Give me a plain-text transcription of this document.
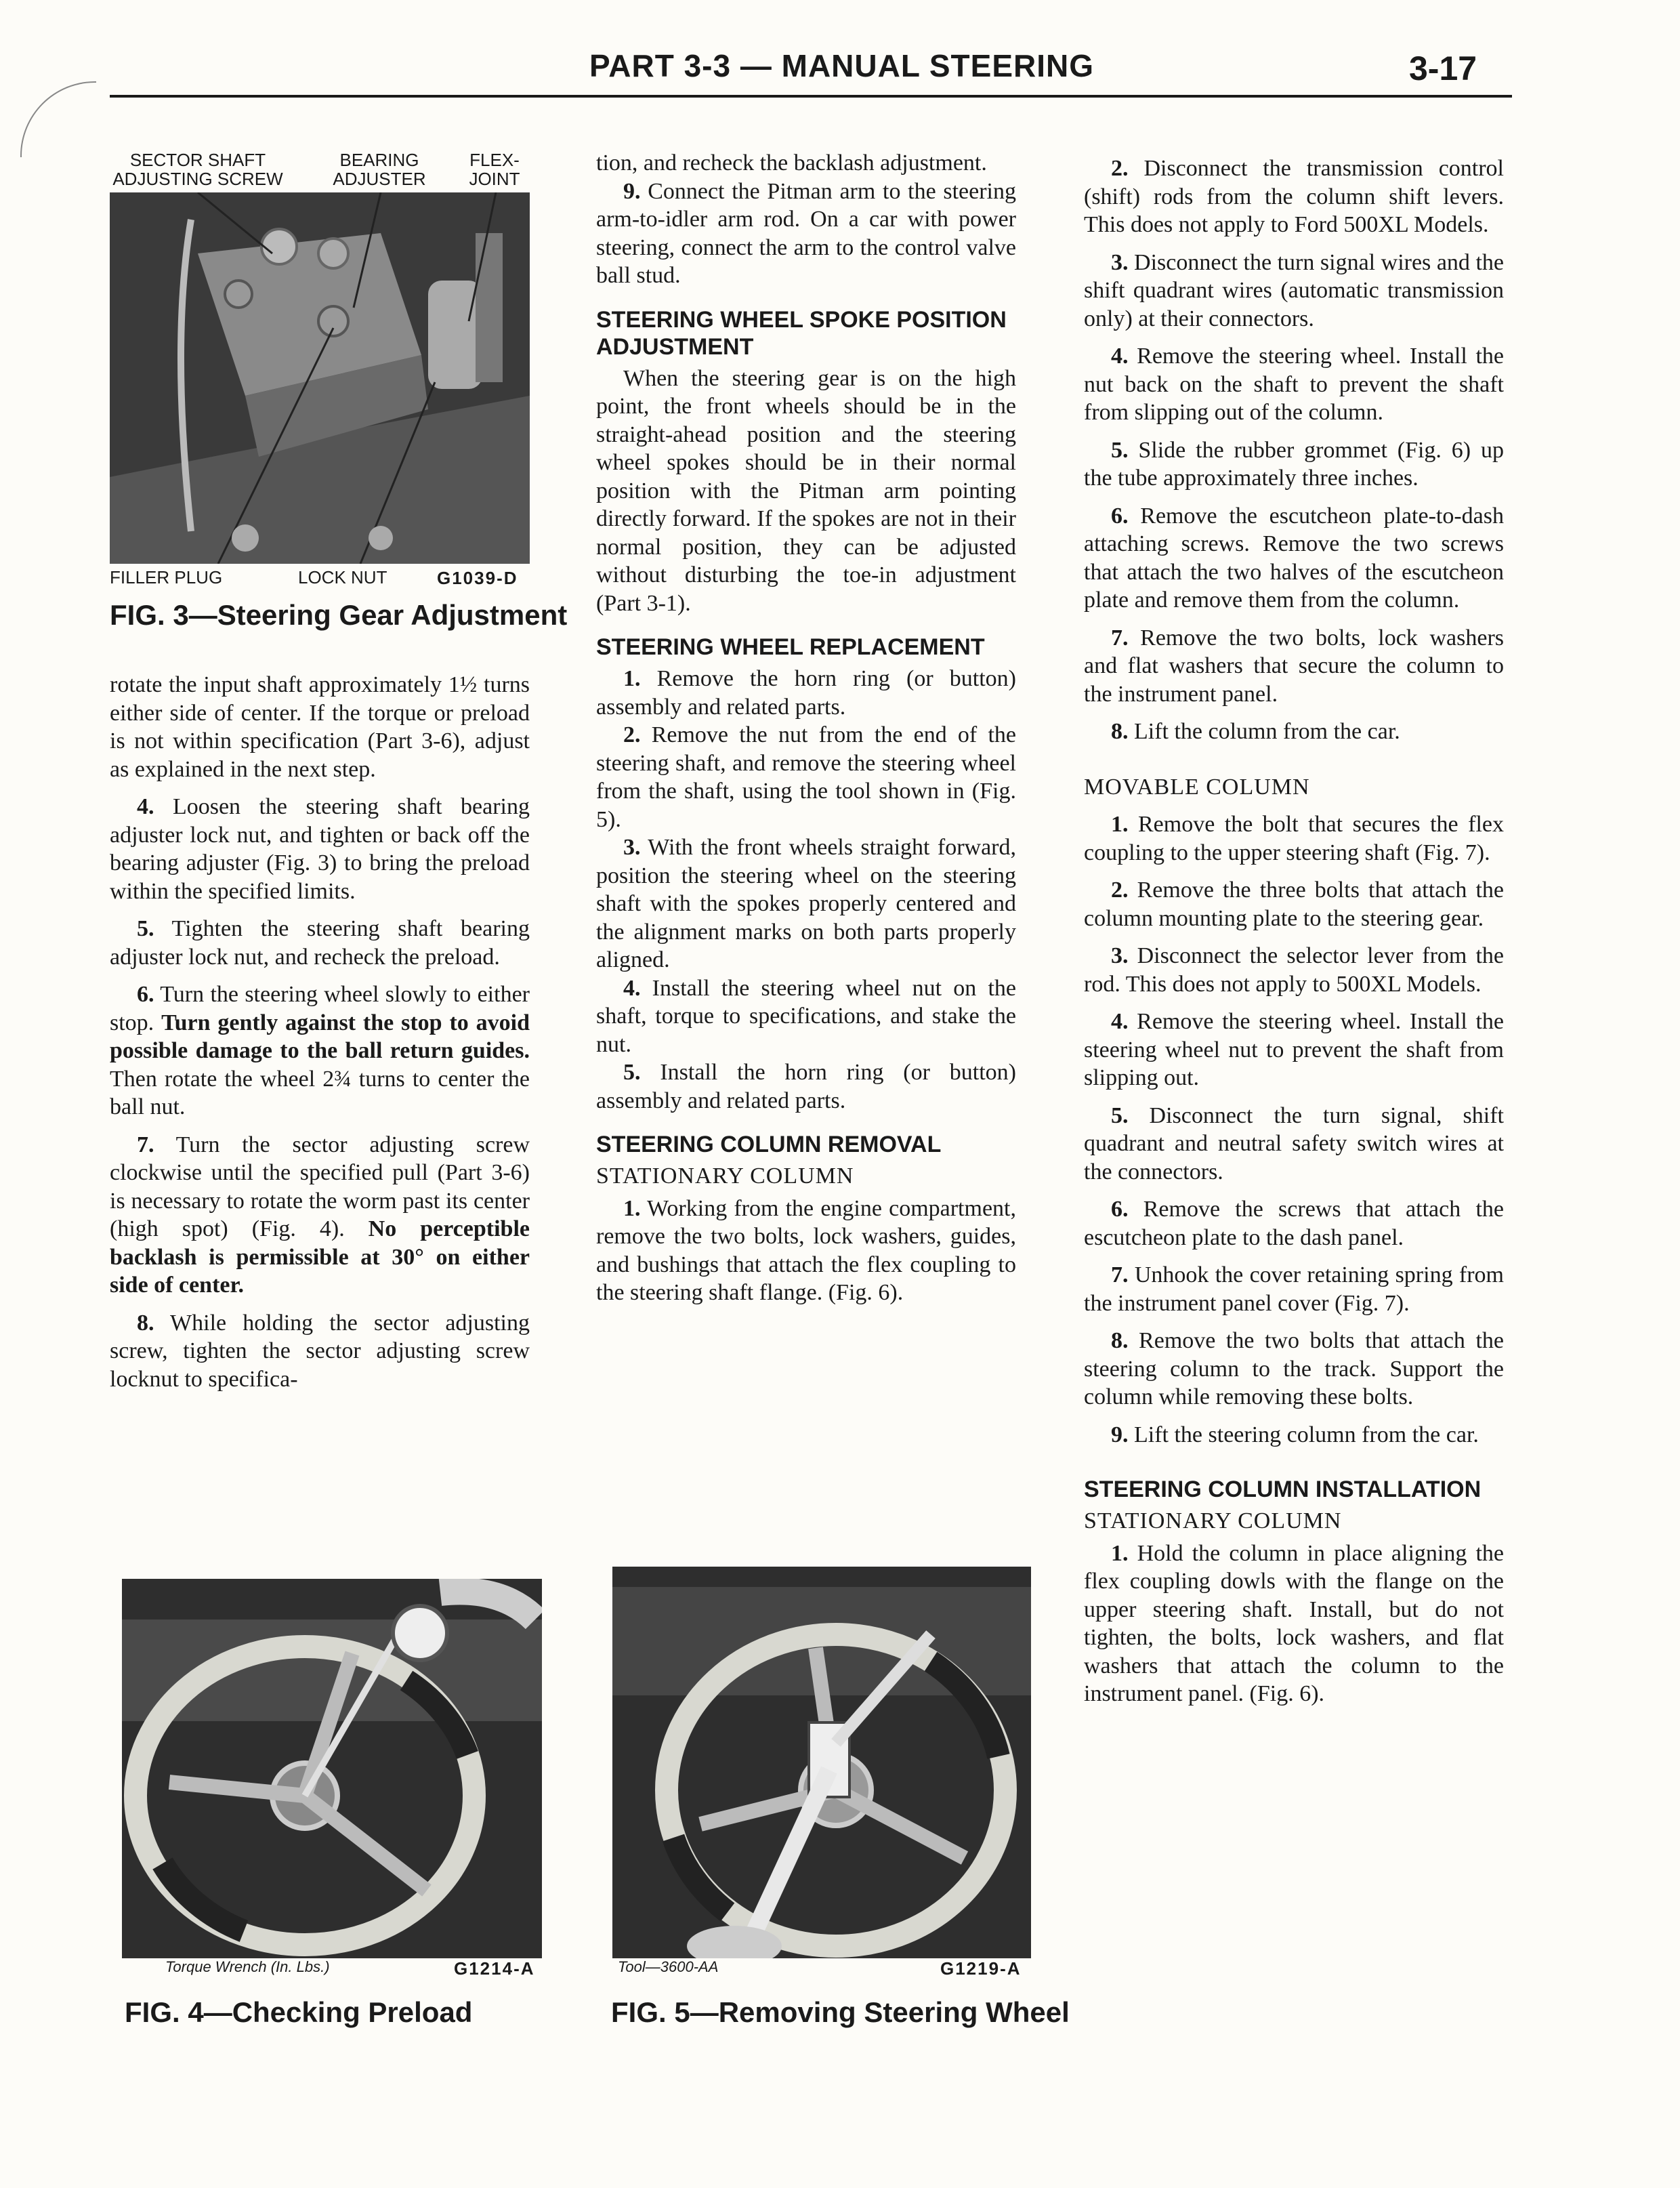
PART 3-3 — MANUAL STEERING	3-17
SECTOR SHAFT
ADJUSTING SCREW
BEARING
ADJUSTER
FLEX-
JOINT
FILLER PLUG	LOCK NUT	G1039-D
FIG. 3—Steering Gear Adjustment

rotate the input shaft approximately 1½ turns either side of center. If the torque or preload is not within specification (Part 3-6), adjust as explained in the next step.

4. Loosen the steering shaft bearing adjuster lock nut, and tighten or back off the bearing adjuster (Fig. 3) to bring the preload within the specified limits.

5. Tighten the steering shaft bearing adjuster lock nut, and recheck the preload.

6. Turn the steering wheel slowly to either stop. Turn gently against the stop to avoid possible damage to the ball return guides. Then rotate the wheel 2¾ turns to center the ball nut.

7. Turn the sector adjusting screw clockwise until the specified pull (Part 3-6) is necessary to rotate the worm past its center (high spot) (Fig. 4). No perceptible backlash is permissible at 30° on either side of center.

8. While holding the sector adjusting screw, tighten the sector adjusting screw locknut to specifica-

tion, and recheck the backlash adjustment.

9. Connect the Pitman arm to the steering arm-to-idler arm rod. On a car with power steering, connect the arm to the control valve ball stud.

STEERING WHEEL SPOKE POSITION ADJUSTMENT

When the steering gear is on the high point, the front wheels should be in the straight-ahead position and the steering wheel spokes should be in their normal position with the Pitman arm pointing directly forward. If the spokes are not in their normal position, they can be adjusted without disturbing the toe-in adjustment (Part 3-1).

STEERING WHEEL REPLACEMENT

1. Remove the horn ring (or button) assembly and related parts.

2. Remove the nut from the end of the steering shaft, and remove the steering wheel from the shaft, using the tool shown in (Fig. 5).

3. With the front wheels straight forward, position the steering wheel on the steering shaft with the spokes properly centered and the alignment marks on both parts properly aligned.

4. Install the steering wheel nut on the shaft, torque to specifications, and stake the nut.

5. Install the horn ring (or button) assembly and related parts.

STEERING COLUMN REMOVAL
STATIONARY COLUMN

1. Working from the engine compartment, remove the two bolts, lock washers, guides, and bushings that attach the flex coupling to the steering shaft flange. (Fig. 6).

2. Disconnect the transmission control (shift) rods from the column shift levers. This does not apply to Ford 500XL Models.

3. Disconnect the turn signal wires and the shift quadrant wires (automatic transmission only) at their connectors.

4. Remove the steering wheel. Install the nut back on the shaft to prevent the shaft from slipping out of the column.

5. Slide the rubber grommet (Fig. 6) up the tube approximately three inches.

6. Remove the escutcheon plate-to-dash attaching screws. Remove the two screws that attach the two halves of the escutcheon plate and remove them from the column.

7. Remove the two bolts, lock washers and flat washers that secure the column to the instrument panel.

8. Lift the column from the car.

MOVABLE COLUMN

1. Remove the bolt that secures the flex coupling to the upper steering shaft (Fig. 7).

2. Remove the three bolts that attach the column mounting plate to the steering gear.

3. Disconnect the selector lever from the rod. This does not apply to 500XL Models.

4. Remove the steering wheel. Install the steering wheel nut to prevent the shaft from slipping out.

5. Disconnect the turn signal, shift quadrant and neutral safety switch wires at the connectors.

6. Remove the screws that attach the escutcheon plate to the dash panel.

7. Unhook the cover retaining spring from the instrument panel cover (Fig. 7).

8. Remove the two bolts that attach the steering column to the track. Support the column while removing these bolts.

9. Lift the steering column from the car.

STEERING COLUMN INSTALLATION
STATIONARY COLUMN

1. Hold the column in place aligning the flex coupling dowls with the flange on the upper steering shaft. Install, but do not tighten, the bolts, lock washers, and flat washers that attach the column to the instrument panel. (Fig. 6).

Torque Wrench (In. Lbs.)	G1214-A
FIG. 4—Checking Preload
Tool—3600-AA	G1219-A
FIG. 5—Removing Steering Wheel
